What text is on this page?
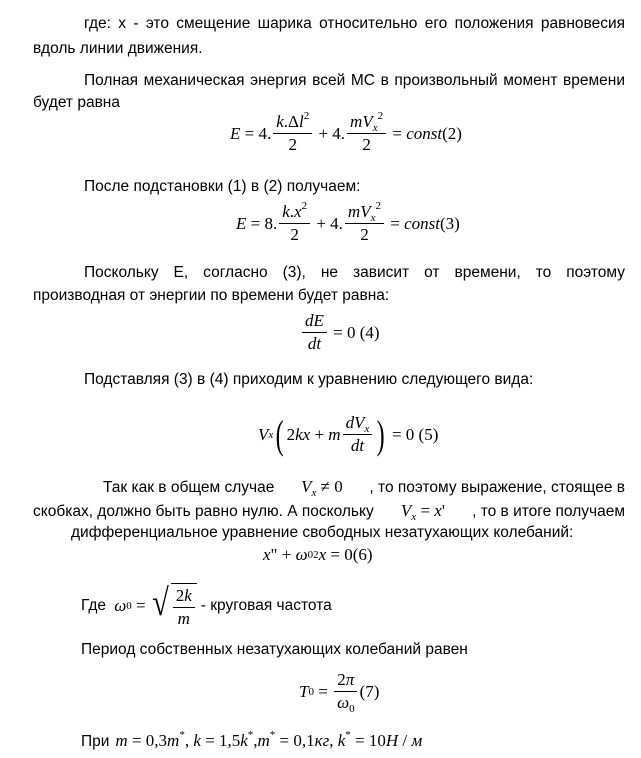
где: x - это смещение шарика относительно его положения равновесия
вдоль линии движения.
Полная механическая энергия всей МС в произвольный момент времени
будет равна
E = 4. $\frac{k.\Delta l^2}{2} + 4$. $\frac{mV_x^2}{2}$ = const (2)
После подстановки (1) в (2) получаем:
E = 8. $\frac{k.x^2}{2} + 4$. $\frac{mV_x^2}{2}$ = const (3)
Поскольку Е, согласно (3), не зависит от времени, то поэтому
производная от энергии по времени будет равна:
$\frac{dE}{dt} = 0$ (4)
Подставляя (3) в (4) приходим к уравнению следующего вида:
V x ( 2 kx + m $\frac{dV_x}{dt}$ ) = 0 (5)
Так как в общем случае $V_x \ne 0$ , то поэтому выражение, стоящее в
скобках, должно быть равно нулю. А поскольку $V_x = x'$ , то в итоге получаем
дифференциальное уравнение свободных незатухающих колебаний:
x " + ω 0 2 x = 0 (6)
Где
ω 0 = √ $\frac{2k}{m}$ - круговая частота
Период собственных незатухающих колебаний равен
T $0 = \frac{2\pi}{\omega_0} (7)$
При m = 0,3m*, k = 1,5k*,m* = 0,1кг, k* = 10Н / м
